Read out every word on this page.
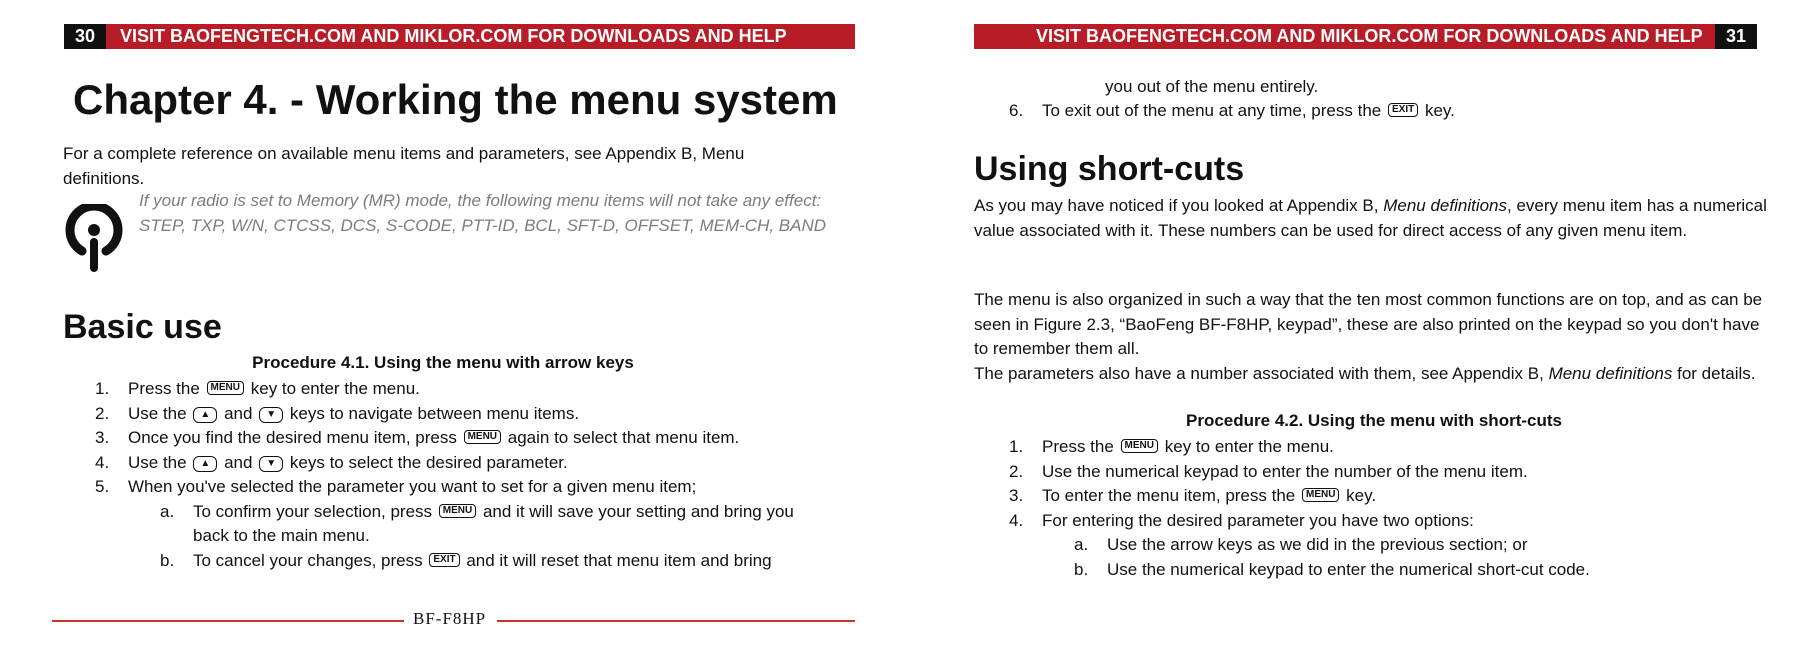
30	VISIT BAOFENGTECH.COM AND MIKLOR.COM FOR DOWNLOADS AND HELP
Chapter 4. - Working the menu system
For a complete reference on available menu items and parameters, see Appendix B, Menu definitions.
If your radio is set to Memory (MR) mode, the following menu items will not take any effect: STEP, TXP, W/N, CTCSS, DCS, S-CODE, PTT-ID, BCL, SFT-D, OFFSET, MEM-CH, BAND
Basic use
Procedure 4.1. Using the menu with arrow keys
1. Press the MENU key to enter the menu.
2. Use the ▲ and ▼ keys to navigate between menu items.
3. Once you find the desired menu item, press MENU again to select that menu item.
4. Use the ▲ and ▼ keys to select the desired parameter.
5. When you've selected the parameter you want to set for a given menu item;
a. To confirm your selection, press MENU and it will save your setting and bring you back to the main menu.
b. To cancel your changes, press EXIT and it will reset that menu item and bring
BF-F8HP
VISIT BAOFENGTECH.COM AND MIKLOR.COM FOR DOWNLOADS AND HELP	31
you out of the menu entirely.
6. To exit out of the menu at any time, press the EXIT key.
Using short-cuts
As you may have noticed if you looked at Appendix B, Menu definitions, every menu item has a numerical value associated with it. These numbers can be used for direct access of any given menu item.
The menu is also organized in such a way that the ten most common functions are on top, and as can be seen in Figure 2.3, “BaoFeng BF-F8HP, keypad”, these are also printed on the keypad so you don't have to remember them all.
The parameters also have a number associated with them, see Appendix B, Menu definitions for details.
Procedure 4.2. Using the menu with short-cuts
1. Press the MENU key to enter the menu.
2. Use the numerical keypad to enter the number of the menu item.
3. To enter the menu item, press the MENU key.
4. For entering the desired parameter you have two options:
a. Use the arrow keys as we did in the previous section; or
b. Use the numerical keypad to enter the numerical short-cut code.
